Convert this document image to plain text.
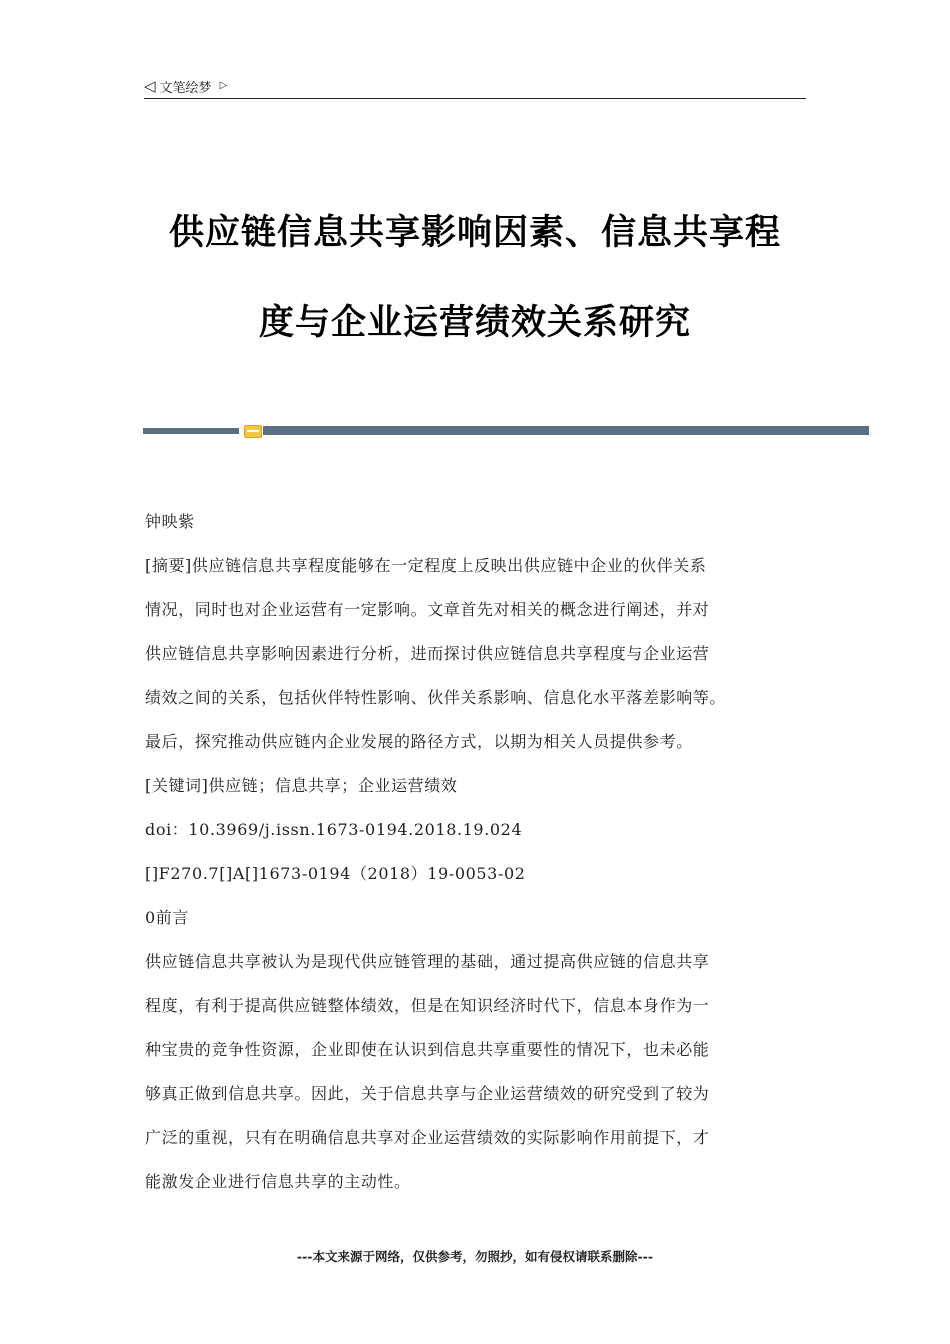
◁ 文笔绘梦 ▷
供应链信息共享影响因素、信息共享程
度与企业运营绩效关系研究
钟映紫
[摘要]供应链信息共享程度能够在一定程度上反映出供应链中企业的伙伴关系
情况，同时也对企业运营有一定影响。文章首先对相关的概念进行阐述，并对
供应链信息共享影响因素进行分析，进而探讨供应链信息共享程度与企业运营
绩效之间的关系，包括伙伴特性影响、伙伴关系影响、信息化水平落差影响等。
最后，探究推动供应链内企业发展的路径方式，以期为相关人员提供参考。
[关键词]供应链；信息共享；企业运营绩效
doi：10.3969/j.issn.1673-0194.2018.19.024
[]F270.7[]A[]1673-0194（2018）19-0053-02
0前言
供应链信息共享被认为是现代供应链管理的基础，通过提高供应链的信息共享
程度，有利于提高供应链整体绩效，但是在知识经济时代下，信息本身作为一
种宝贵的竞争性资源，企业即使在认识到信息共享重要性的情况下，也未必能
够真正做到信息共享。因此，关于信息共享与企业运营绩效的研究受到了较为
广泛的重视，只有在明确信息共享对企业运营绩效的实际影响作用前提下，才
能激发企业进行信息共享的主动性。
---本文来源于网络，仅供参考，勿照抄，如有侵权请联系删除---
